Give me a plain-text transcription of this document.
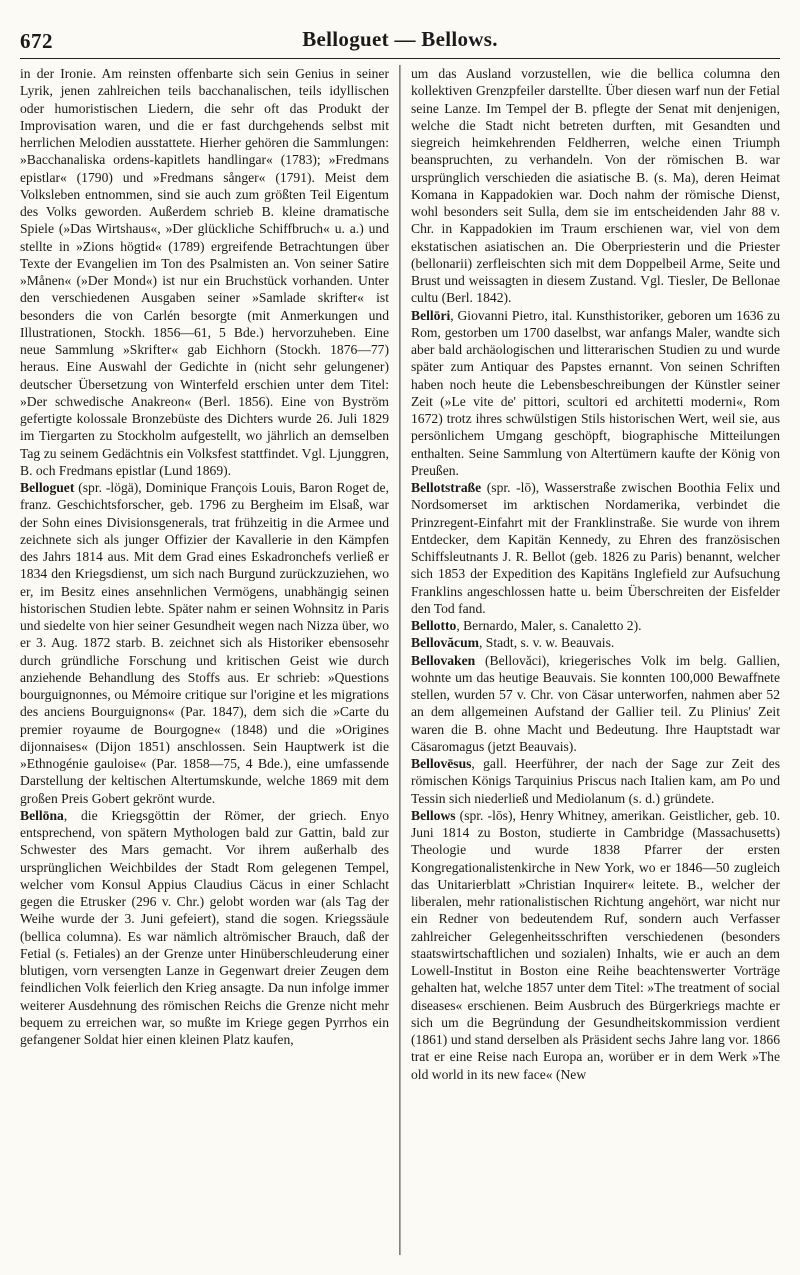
672	Belloguet — Bellows.

in der Ironie. Am reinsten offenbarte sich sein Genius in seiner Lyrik, jenen zahlreichen teils bacchanalischen, teils idyllischen oder humoristischen Liedern, die sehr oft das Produkt der Improvisation waren, und die er fast durchgehends selbst mit herrlichen Melodien ausstattete. Hierher gehören die Sammlungen: »Bacchanaliska ordens-kapitlets handlingar« (1783); »Fredmans epistlar« (1790) und »Fredmans sånger« (1791). Meist dem Volksleben entnommen, sind sie auch zum größten Teil Eigentum des Volks geworden. Außerdem schrieb B. kleine dramatische Spiele (»Das Wirtshaus«, »Der glückliche Schiffbruch« u. a.) und stellte in »Zions högtid« (1789) ergreifende Betrachtungen über Texte der Evangelien im Ton des Psalmisten an. Von seiner Satire »Månen« (»Der Mond«) ist nur ein Bruchstück vorhanden. Unter den verschiedenen Ausgaben seiner »Samlade skrifter« ist besonders die von Carlén besorgte (mit Anmerkungen und Illustrationen, Stockh. 1856—61, 5 Bde.) hervorzuheben. Eine neue Sammlung »Skrifter« gab Eichhorn (Stockh. 1876—77) heraus. Eine Auswahl der Gedichte in (nicht sehr gelungener) deutscher Übersetzung von Winterfeld erschien unter dem Titel: »Der schwedische Anakreon« (Berl. 1856). Eine von Byström gefertigte kolossale Bronzebüste des Dichters wurde 26. Juli 1829 im Tiergarten zu Stockholm aufgestellt, wo jährlich an demselben Tag zu seinem Gedächtnis ein Volksfest stattfindet. Vgl. Ljunggren, B. och Fredmans epistlar (Lund 1869).

Belloguet (spr. -lögä), Dominique François Louis, Baron Roget de, franz. Geschichtsforscher, geb. 1796 zu Bergheim im Elsaß, war der Sohn eines Divisionsgenerals, trat frühzeitig in die Armee und zeichnete sich als junger Offizier der Kavallerie in den Kämpfen des Jahrs 1814 aus. Mit dem Grad eines Eskadronchefs verließ er 1834 den Kriegsdienst, um sich nach Burgund zurückzuziehen, wo er, im Besitz eines ansehnlichen Vermögens, unabhängig seinen historischen Studien lebte. Später nahm er seinen Wohnsitz in Paris und siedelte von hier seiner Gesundheit wegen nach Nizza über, wo er 3. Aug. 1872 starb. B. zeichnet sich als Historiker ebensosehr durch gründliche Forschung und kritischen Geist wie durch anziehende Behandlung des Stoffs aus. Er schrieb: »Questions bourguignonnes, ou Mémoire critique sur l'origine et les migrations des anciens Bourguignons« (Par. 1847), dem sich die »Carte du premier royaume de Bourgogne« (1848) und die »Origines dijonnaises« (Dijon 1851) anschlossen. Sein Hauptwerk ist die »Ethnogénie gauloise« (Par. 1858—75, 4 Bde.), eine umfassende Darstellung der keltischen Altertumskunde, welche 1869 mit dem großen Preis Gobert gekrönt wurde.

Bellōna, die Kriegsgöttin der Römer, der griech. Enyo entsprechend, von spätern Mythologen bald zur Gattin, bald zur Schwester des Mars gemacht. Vor ihrem außerhalb des ursprünglichen Weichbildes der Stadt Rom gelegenen Tempel, welcher vom Konsul Appius Claudius Cäcus in einer Schlacht gegen die Etrusker (296 v. Chr.) gelobt worden war (als Tag der Weihe wurde der 3. Juni gefeiert), stand die sogen. Kriegssäule (bellica columna). Es war nämlich altrömischer Brauch, daß der Fetial (s. Fetiales) an der Grenze unter Hinüberschleuderung einer blutigen, vorn versengten Lanze in Gegenwart dreier Zeugen dem feindlichen Volk feierlich den Krieg ansagte. Da nun infolge immer weiterer Ausdehnung des römischen Reichs die Grenze nicht mehr bequem zu erreichen war, so mußte im Kriege gegen Pyrrhos ein gefangener Soldat hier einen kleinen Platz kaufen,

um das Ausland vorzustellen, wie die bellica columna den kollektiven Grenzpfeiler darstellte. Über diesen warf nun der Fetial seine Lanze. Im Tempel der B. pflegte der Senat mit denjenigen, welche die Stadt nicht betreten durften, mit Gesandten und siegreich heimkehrenden Feldherren, welche einen Triumph beanspruchten, zu verhandeln. Von der römischen B. war ursprünglich verschieden die asiatische B. (s. Ma), deren Heimat Komana in Kappadokien war. Doch nahm der römische Dienst, wohl besonders seit Sulla, dem sie im entscheidenden Jahr 88 v. Chr. in Kappadokien im Traum erschienen war, viel von dem ekstatischen asiatischen an. Die Oberpriesterin und die Priester (bellonarii) zerfleischten sich mit dem Doppelbeil Arme, Seite und Brust und weissagten in diesem Zustand. Vgl. Tiesler, De Bellonae cultu (Berl. 1842).

Bellōri, Giovanni Pietro, ital. Kunsthistoriker, geboren um 1636 zu Rom, gestorben um 1700 daselbst, war anfangs Maler, wandte sich aber bald archäologischen und litterarischen Studien zu und wurde später zum Antiquar des Papstes ernannt. Von seinen Schriften haben noch heute die Lebensbeschreibungen der Künstler seiner Zeit (»Le vite de' pittori, scultori ed architetti moderni«, Rom 1672) trotz ihres schwülstigen Stils historischen Wert, weil sie, aus persönlichem Umgang geschöpft, biographische Mitteilungen enthalten. Seine Sammlung von Altertümern kaufte der König von Preußen.

Bellotstraße (spr. -lō), Wasserstraße zwischen Boothia Felix und Nordsomerset im arktischen Nordamerika, verbindet die Prinzregent-Einfahrt mit der Franklinstraße. Sie wurde von ihrem Entdecker, dem Kapitän Kennedy, zu Ehren des französischen Schiffsleutnants J. R. Bellot (geb. 1826 zu Paris) benannt, welcher sich 1853 der Expedition des Kapitäns Inglefield zur Aufsuchung Franklins angeschlossen hatte u. beim Überschreiten der Eisfelder den Tod fand.

Bellotto, Bernardo, Maler, s. Canaletto 2).

Bellovăcum, Stadt, s. v. w. Beauvais.

Bellovaken (Bellovăci), kriegerisches Volk im belg. Gallien, wohnte um das heutige Beauvais. Sie konnten 100,000 Bewaffnete stellen, wurden 57 v. Chr. von Cäsar unterworfen, nahmen aber 52 an dem allgemeinen Aufstand der Gallier teil. Zu Plinius' Zeit waren die B. ohne Macht und Bedeutung. Ihre Hauptstadt war Cäsaromagus (jetzt Beauvais).

Bellovēsus, gall. Heerführer, der nach der Sage zur Zeit des römischen Königs Tarquinius Priscus nach Italien kam, am Po und Tessin sich niederließ und Mediolanum (s. d.) gründete.

Bellows (spr. -lōs), Henry Whitney, amerikan. Geistlicher, geb. 10. Juni 1814 zu Boston, studierte in Cambridge (Massachusetts) Theologie und wurde 1838 Pfarrer der ersten Kongregationalistenkirche in New York, wo er 1846—50 zugleich das Unitarierblatt »Christian Inquirer« leitete. B., welcher der liberalen, mehr rationalistischen Richtung angehört, war nicht nur ein Redner von bedeutendem Ruf, sondern auch Verfasser zahlreicher Gelegenheitsschriften verschiedenen (besonders staatswirtschaftlichen und sozialen) Inhalts, wie er auch an dem Lowell-Institut in Boston eine Reihe beachtenswerter Vorträge gehalten hat, welche 1857 unter dem Titel: »The treatment of social diseases« erschienen. Beim Ausbruch des Bürgerkriegs machte er sich um die Begründung der Gesundheitskommission verdient (1861) und stand derselben als Präsident sechs Jahre lang vor. 1866 trat er eine Reise nach Europa an, worüber er in dem Werk »The old world in its new face« (New
